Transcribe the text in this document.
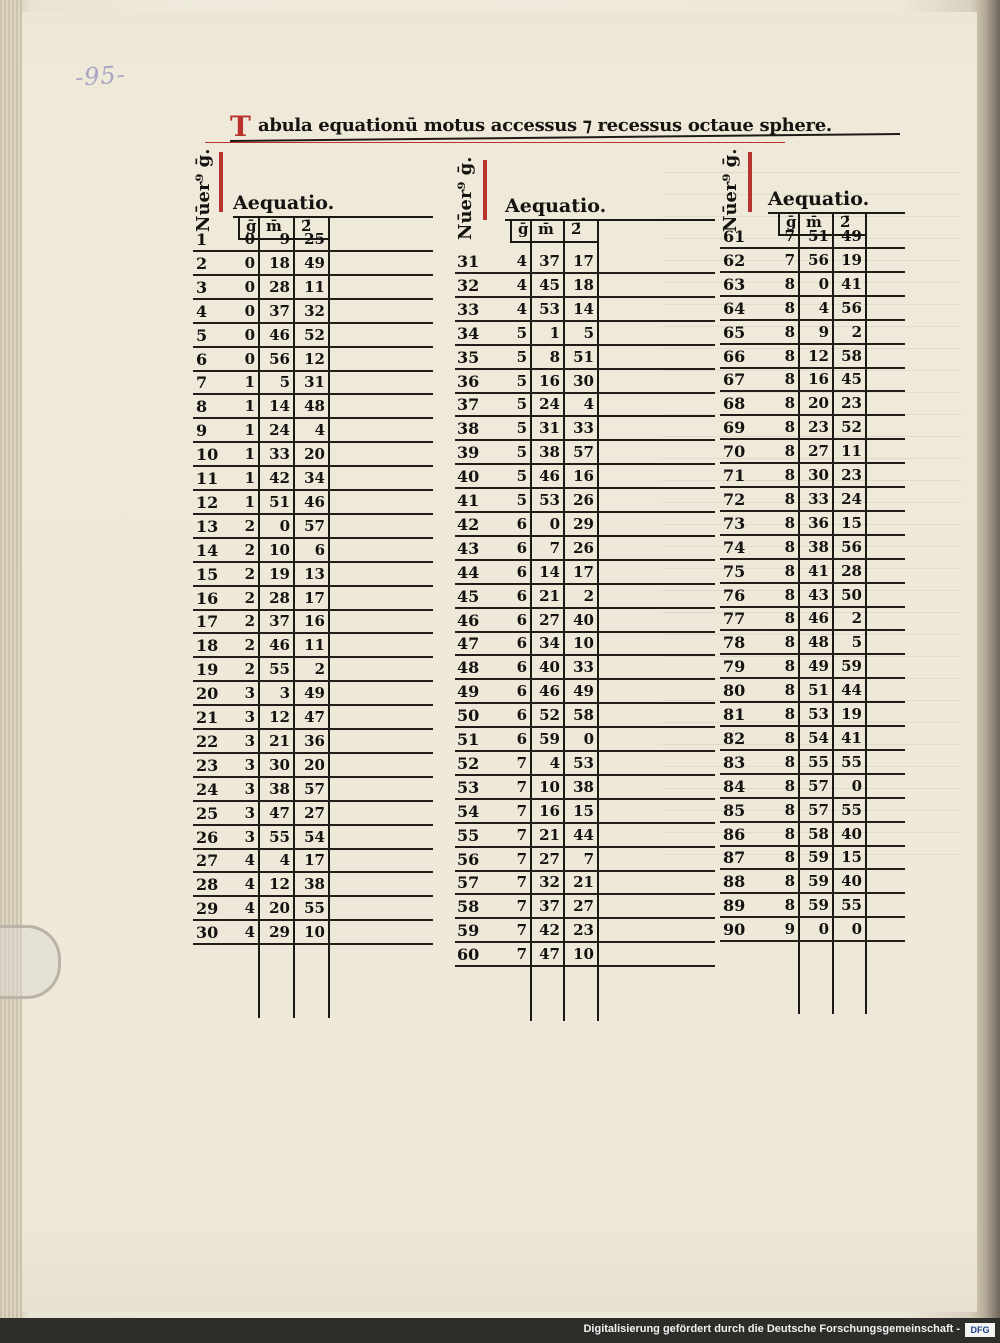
-95-
T abula equationū motus accessus ⁊ recessus octaue sphere.
Nūer⁹ ḡ. Aequatio.
ḡ m̄ 2̄
1	0	9 25
2	0 18 49
3	0 28 11
4	0 37 32
5	0 46 52
6	0 56 12
7	1	5 31
8	1 14 48
9	1 24	4
10	1 33 20
11	1 42 34
12	1 51 46
13	2	0 57
14	2 10	6
15	2 19 13
16	2 28 17
17	2 37 16
18	2 46 11
19	2 55	2
20	3	3 49
21	3 12 47
22	3 21 36
23	3 30 20
24	3 38 57
25	3 47 27
26	3 55 54
27	4	4 17
28	4 12 38
29	4 20 55
30	4 29 10
Nūer⁹ ḡ. Aequatio.
ḡ m̄ 2̄
31	4 37 17
32	4 45 18
33	4 53 14
34	5	1	5
35	5	8 51
36	5 16 30
37	5 24	4
38	5 31 33
39	5 38 57
40	5 46 16
41	5 53 26
42	6	0 29
43	6	7 26
44	6 14 17
45	6 21	2
46	6 27 40
47	6 34 10
48	6 40 33
49	6 46 49
50	6 52 58
51	6 59	0
52	7	4 53
53	7 10 38
54	7 16 15
55	7 21 44
56	7 27	7
57	7 32 21
58	7 37 27
59	7 42 23
60	7 47 10
Nūer⁹ ḡ. Aequatio.
ḡ m̄ 2̄
61	7 51 49
62	7 56 19
63	8	0 41
64	8	4 56
65	8	9	2
66	8 12 58
67	8 16 45
68	8 20 23
69	8 23 52
70	8 27 11
71	8 30 23
72	8 33 24
73	8 36 15
74	8 38 56
75	8 41 28
76	8 43 50
77	8 46	2
78	8 48	5
79	8 49 59
80	8 51 44
81	8 53 19
82	8 54 41
83	8 55 55
84	8 57	0
85	8 57 55
86	8 58 40
87	8 59 15
88	8 59 40
89	8 59 55
90	9	0	0
Digitalisierung gefördert durch die Deutsche Forschungsgemeinschaft -	DFG
